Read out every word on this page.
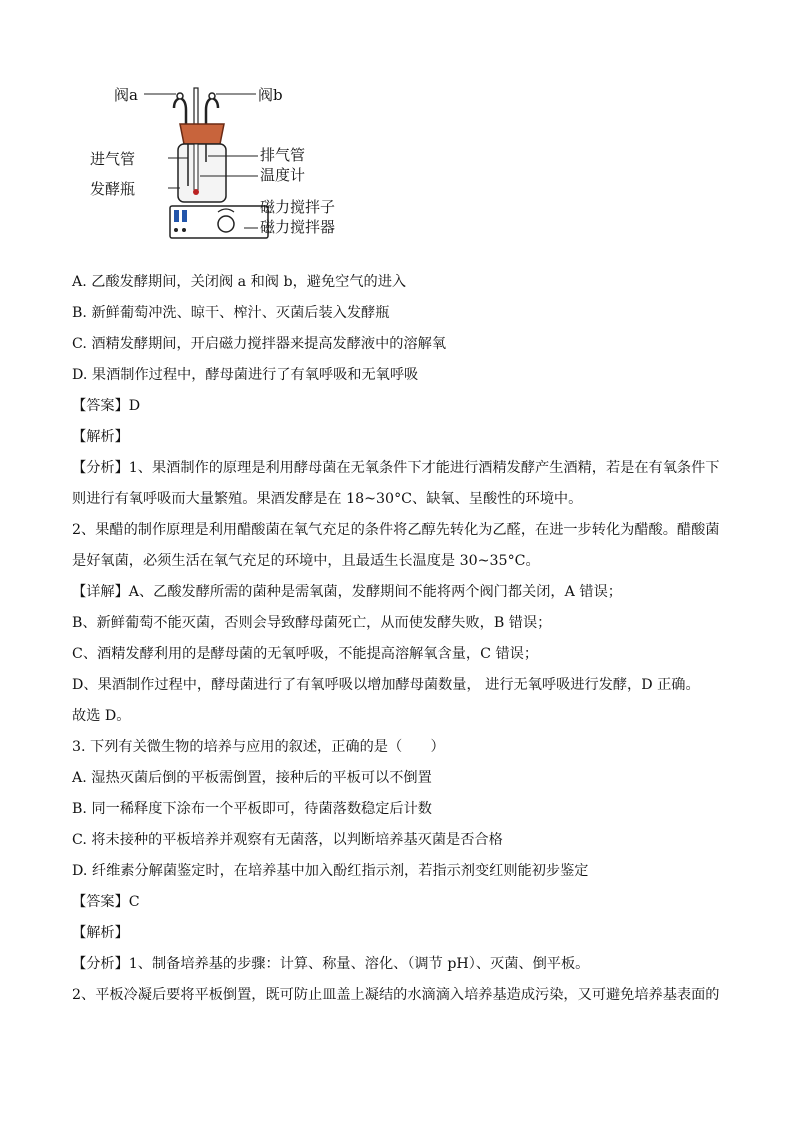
阀a	阀b
进气管
发酵瓶
排气管
温度计
磁力搅拌子
磁力搅拌器
A. 乙酸发酵期间，关闭阀 a 和阀 b，避免空气的进入
B. 新鲜葡萄冲洗、晾干、榨汁、灭菌后装入发酵瓶
C. 酒精发酵期间，开启磁力搅拌器来提高发酵液中的溶解氧
D. 果酒制作过程中，酵母菌进行了有氧呼吸和无氧呼吸
【答案】D
【解析】
【分析】1、果酒制作的原理是利用酵母菌在无氧条件下才能进行酒精发酵产生酒精，若是在有氧条件下
则进行有氧呼吸而大量繁殖。果酒发酵是在 18~30°C、缺氧、呈酸性的环境中。
2、果醋的制作原理是利用醋酸菌在氧气充足的条件将乙醇先转化为乙醛，在进一步转化为醋酸。醋酸菌
是好氧菌，必须生活在氧气充足的环境中，且最适生长温度是 30~35°C。
【详解】A、乙酸发酵所需的菌种是需氧菌，发酵期间不能将两个阀门都关闭，A 错误；
B、新鲜葡萄不能灭菌，否则会导致酵母菌死亡，从而使发酵失败，B 错误；
C、酒精发酵利用的是酵母菌的无氧呼吸，不能提高溶解氧含量，C 错误；
D、果酒制作过程中，酵母菌进行了有氧呼吸以增加酵母菌数量， 进行无氧呼吸进行发酵，D 正确。
故选 D。
3. 下列有关微生物的培养与应用的叙述，正确的是（　　）
A. 湿热灭菌后倒的平板需倒置，接种后的平板可以不倒置
B. 同一稀释度下涂布一个平板即可，待菌落数稳定后计数
C. 将未接种的平板培养并观察有无菌落，以判断培养基灭菌是否合格
D. 纤维素分解菌鉴定时，在培养基中加入酚红指示剂，若指示剂变红则能初步鉴定
【答案】C
【解析】
【分析】1、制备培养基的步骤：计算、称量、溶化、（调节 pH）、灭菌、倒平板。
2、平板冷凝后要将平板倒置，既可防止皿盖上凝结的水滴滴入培养基造成污染，又可避免培养基表面的
